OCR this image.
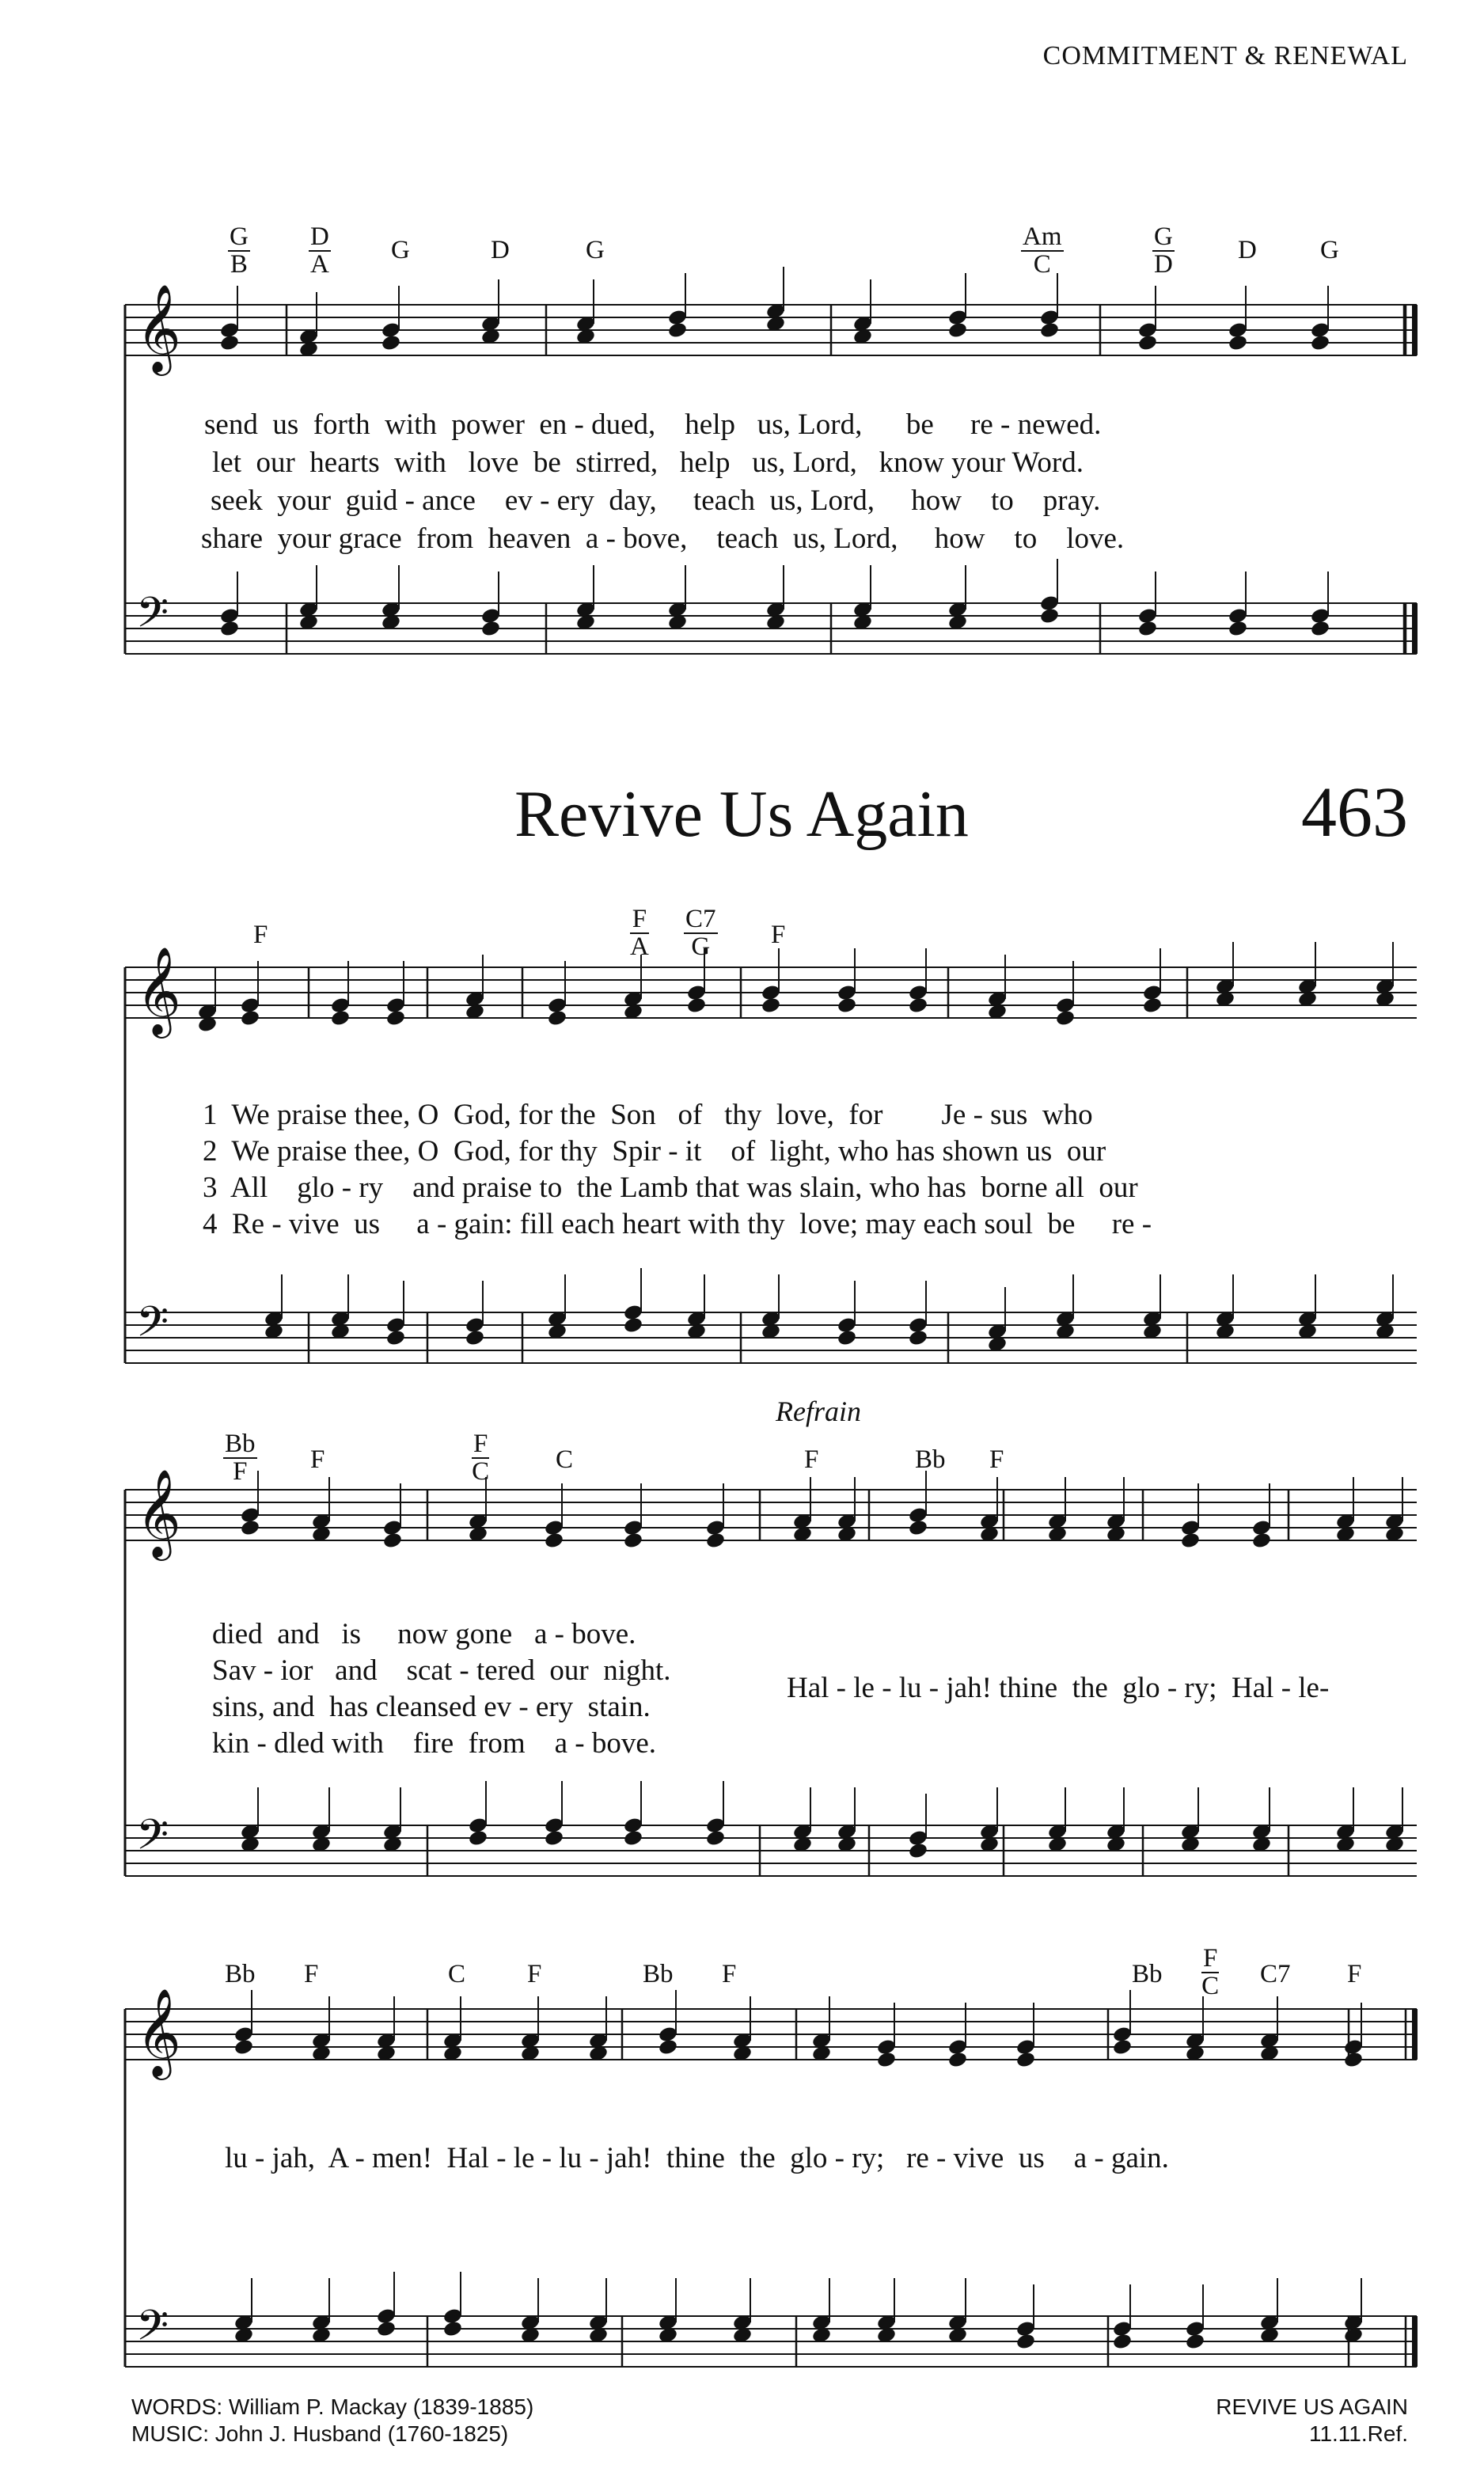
COMMITMENT & RENEWAL
𝄞
𝄢
𝄞
𝄢
𝄞
𝄢
𝄞
𝄢
Revive Us Again	463
Refrain
$\frac{G}{B} \frac{D}{A}$ G	D	G	$\frac{Am}{C}$	$\frac{G}{D}$ D G
send  us  forth  with  power  en - dued,    help   us, Lord,      be     re - newed.
let  our  hearts  with   love  be  stirred,   help   us, Lord,   know your Word.
seek  your  guid - ance    ev - ery  day,     teach  us, Lord,     how    to    pray.
share  your grace  from  heaven  a - bove,    teach  us, Lord,     how    to    love.
F	$\frac{F}{A} \frac{C7}{G}$ F
1  We praise thee, O  God, for the  Son   of   thy  love,  for        Je - sus  who
2  We praise thee, O  God, for thy  Spir - it    of  light, who has shown us  our
3  All    glo - ry    and praise to  the Lamb that was slain, who has  borne all  our
4  Re - vive  us     a - gain: fill each heart with thy  love; may each soul  be     re -
$\frac{Bb}{F}$ F	$\frac{F}{C}$	C	F	Bb F
died  and   is     now gone   a - bove.
Sav - ior   and    scat - tered  our  night.
sins, and  has cleansed ev - ery  stain.
kin - dled with    fire  from    a - bove.
Hal - le - lu - jah! thine  the  glo - ry;  Hal - le-
Bb F	C F	Bb F	Bb $\frac{F}{C} C7$ F
lu - jah,  A - men!  Hal - le - lu - jah!  thine  the  glo - ry;   re - vive  us    a - gain.
WORDS: William P. Mackay (1839-1885)
MUSIC: John J. Husband (1760-1825)
REVIVE US AGAIN
11.11.Ref.
